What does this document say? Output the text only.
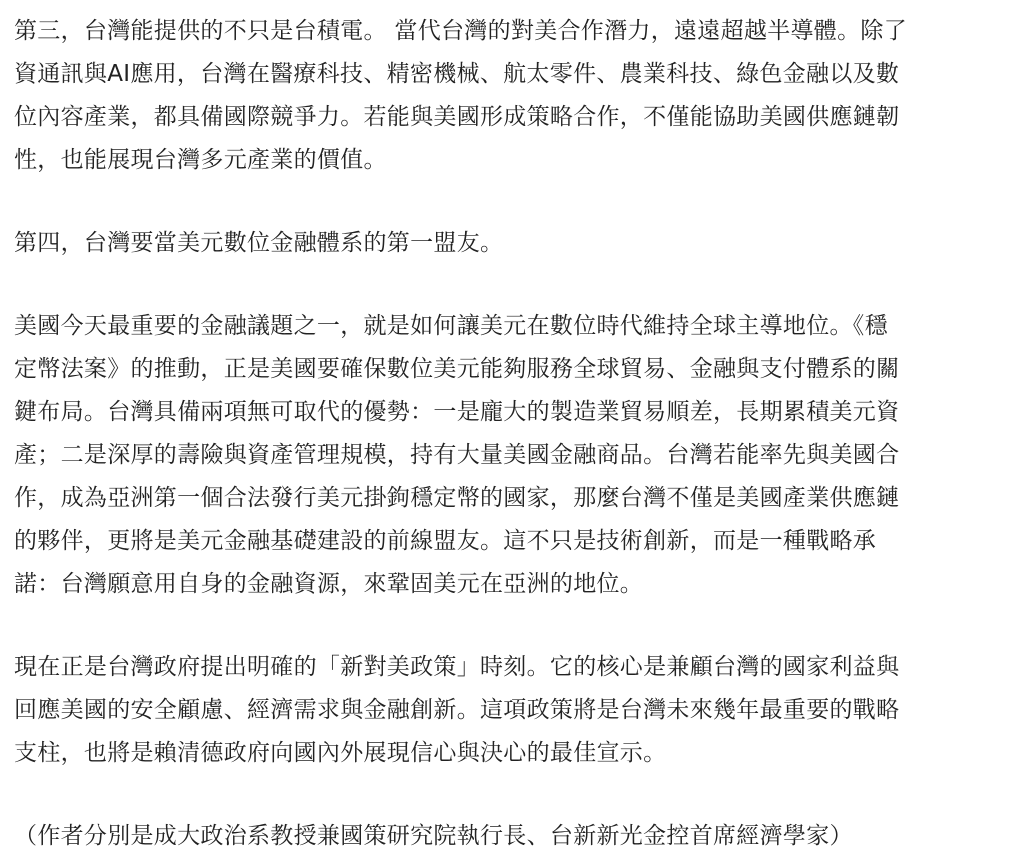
第三，台灣能提供的不只是台積電。 當代台灣的對美合作潛力，遠遠超越半導體。除了
資通訊與AI應用，台灣在醫療科技、精密機械、航太零件、農業科技、綠色金融以及數
位內容產業，都具備國際競爭力。若能與美國形成策略合作，不僅能協助美國供應鏈韌
性，也能展現台灣多元產業的價值。

第四，台灣要當美元數位金融體系的第一盟友。

美國今天最重要的金融議題之一，就是如何讓美元在數位時代維持全球主導地位。《穩
定幣法案》的推動，正是美國要確保數位美元能夠服務全球貿易、金融與支付體系的關
鍵布局。台灣具備兩項無可取代的優勢：一是龐大的製造業貿易順差，長期累積美元資
產；二是深厚的壽險與資產管理規模，持有大量美國金融商品。台灣若能率先與美國合
作，成為亞洲第一個合法發行美元掛鉤穩定幣的國家，那麼台灣不僅是美國產業供應鏈
的夥伴，更將是美元金融基礎建設的前線盟友。這不只是技術創新，而是一種戰略承
諾：台灣願意用自身的金融資源，來鞏固美元在亞洲的地位。

現在正是台灣政府提出明確的「新對美政策」時刻。它的核心是兼顧台灣的國家利益與
回應美國的安全顧慮、經濟需求與金融創新。這項政策將是台灣未來幾年最重要的戰略
支柱，也將是賴清德政府向國內外展現信心與決心的最佳宣示。

（作者分別是成大政治系教授兼國策研究院執行長、台新新光金控首席經濟學家）
